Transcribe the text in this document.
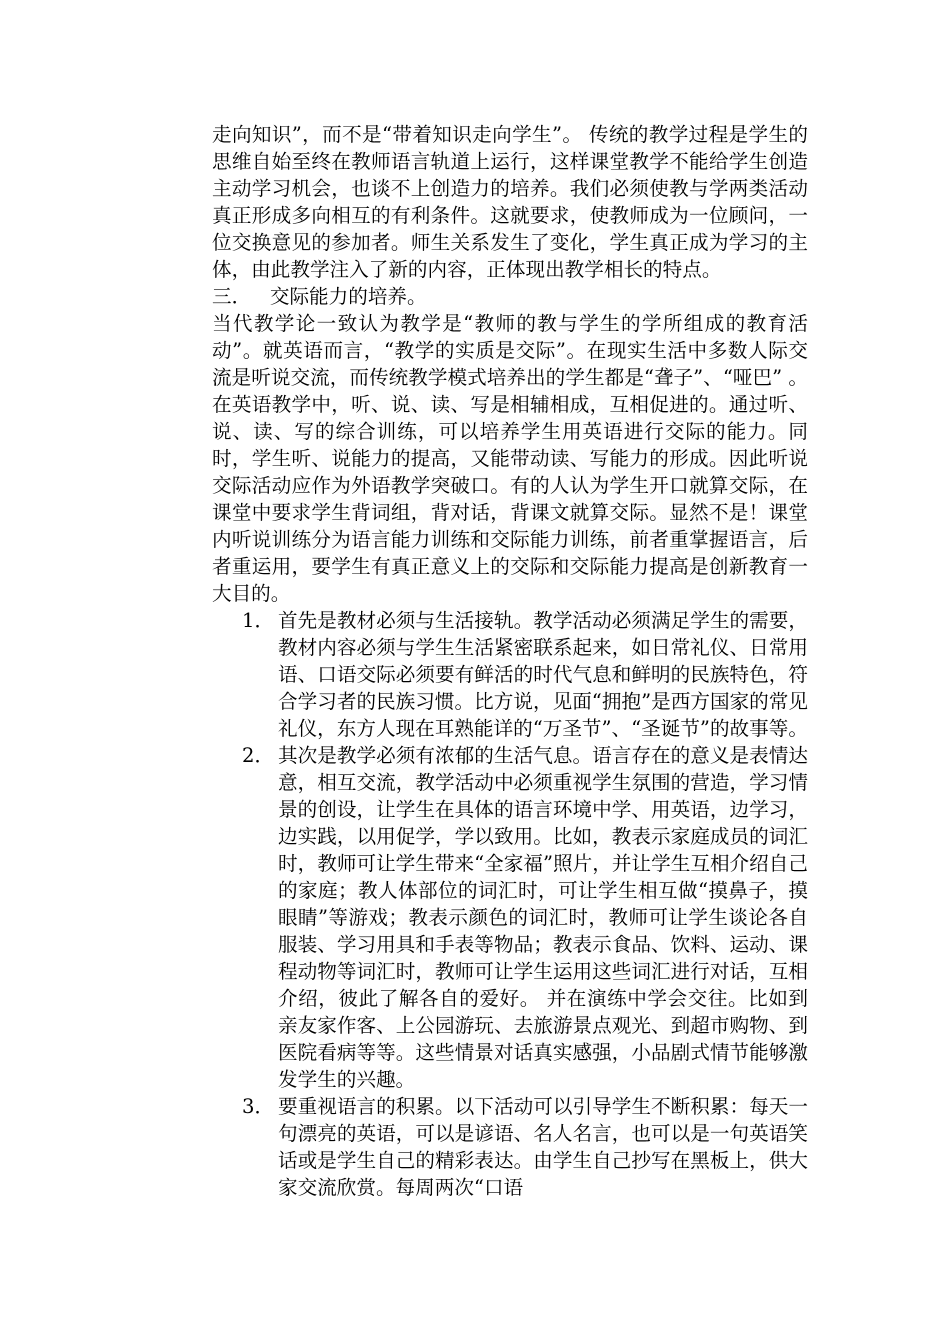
走向知识”，而不是“带着知识走向学生”。 传统的教学过程是学生的思维自始至终在教师语言轨道上运行，这样课堂教学不能给学生创造主动学习机会，也谈不上创造力的培养。我们必须使教与学两类活动真正形成多向相互的有利条件。这就要求，使教师成为一位顾问，一位交换意见的参加者。师生关系发生了变化，学生真正成为学习的主体，由此教学注入了新的内容，正体现出教学相长的特点。

三．   交际能力的培养。

当代教学论一致认为教学是“教师的教与学生的学所组成的教育活动”。就英语而言，“教学的实质是交际”。在现实生活中多数人际交流是听说交流，而传统教学模式培养出的学生都是“聋子”、“哑巴” 。在英语教学中，听、说、读、写是相辅相成，互相促进的。通过听、说、读、写的综合训练，可以培养学生用英语进行交际的能力。同时，学生听、说能力的提高，又能带动读、写能力的形成。因此听说交际活动应作为外语教学突破口。有的人认为学生开口就算交际，在课堂中要求学生背词组，背对话，背课文就算交际。显然不是！课堂内听说训练分为语言能力训练和交际能力训练，前者重掌握语言，后者重运用，要学生有真正意义上的交际和交际能力提高是创新教育一大目的。

1． 首先是教材必须与生活接轨。教学活动必须满足学生的需要，教材内容必须与学生生活紧密联系起来，如日常礼仪、日常用语、口语交际必须要有鲜活的时代气息和鲜明的民族特色，符合学习者的民族习惯。比方说，见面“拥抱”是西方国家的常见礼仪，东方人现在耳熟能详的“万圣节”、“圣诞节”的故事等。
2． 其次是教学必须有浓郁的生活气息。语言存在的意义是表情达意，相互交流，教学活动中必须重视学生氛围的营造，学习情景的创设，让学生在具体的语言环境中学、用英语，边学习，边实践，以用促学，学以致用。比如，教表示家庭成员的词汇时，教师可让学生带来“全家福”照片，并让学生互相介绍自己的家庭；教人体部位的词汇时，可让学生相互做“摸鼻子，摸眼睛”等游戏；教表示颜色的词汇时，教师可让学生谈论各自服装、学习用具和手表等物品；教表示食品、饮料、运动、课程动物等词汇时，教师可让学生运用这些词汇进行对话，互相介绍，彼此了解各自的爱好。 并在演练中学会交往。比如到亲友家作客、上公园游玩、去旅游景点观光、到超市购物、到医院看病等等。这些情景对话真实感强，小品剧式情节能够激发学生的兴趣。
3． 要重视语言的积累。以下活动可以引导学生不断积累：每天一句漂亮的英语，可以是谚语、名人名言，也可以是一句英语笑话或是学生自己的精彩表达。由学生自己抄写在黑板上，供大家交流欣赏。每周两次“口语
